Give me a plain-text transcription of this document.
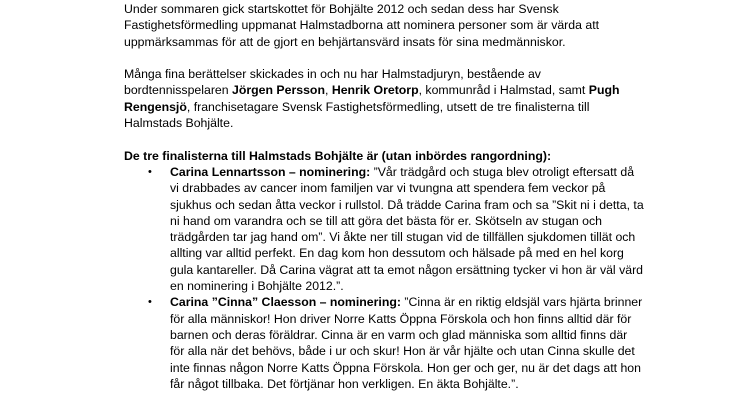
Under sommaren gick startskottet för Bohjälte 2012 och sedan dess har Svensk Fastighetsförmedling uppmanat Halmstadborna att nominera personer som är värda att uppmärksammas för att de gjort en behjärtansvärd insats för sina medmänniskor.

Många fina berättelser skickades in och nu har Halmstadjuryn, bestående av bordtennisspelaren Jörgen Persson, Henrik Oretorp, kommunråd i Halmstad, samt Pugh Rengensjö, franchisetagare Svensk Fastighetsförmedling, utsett de tre finalisterna till Halmstads Bohjälte.

De tre finalisterna till Halmstads Bohjälte är (utan inbördes rangordning):

• Carina Lennartsson – nominering: ”Vår trädgård och stuga blev otroligt eftersatt då vi drabbades av cancer inom familjen var vi tvungna att spendera fem veckor på sjukhus och sedan åtta veckor i rullstol. Då trädde Carina fram och sa ”Skit ni i detta, ta ni hand om varandra och se till att göra det bästa för er. Skötseln av stugan och trädgården tar jag hand om”. Vi åkte ner till stugan vid de tillfällen sjukdomen tillät och allting var alltid perfekt. En dag kom hon dessutom och hälsade på med en hel korg gula kantareller. Då Carina vägrat att ta emot någon ersättning tycker vi hon är väl värd en nominering i Bohjälte 2012.”.
• Carina ”Cinna” Claesson – nominering: ”Cinna är en riktig eldsjäl vars hjärta brinner för alla människor! Hon driver Norre Katts Öppna Förskola och hon finns alltid där för barnen och deras föräldrar. Cinna är en varm och glad människa som alltid finns där för alla när det behövs, både i ur och skur! Hon är vår hjälte och utan Cinna skulle det inte finnas någon Norre Katts Öppna Förskola. Hon ger och ger, nu är det dags att hon får något tillbaka. Det förtjänar hon verkligen. En äkta Bohjälte.”.
